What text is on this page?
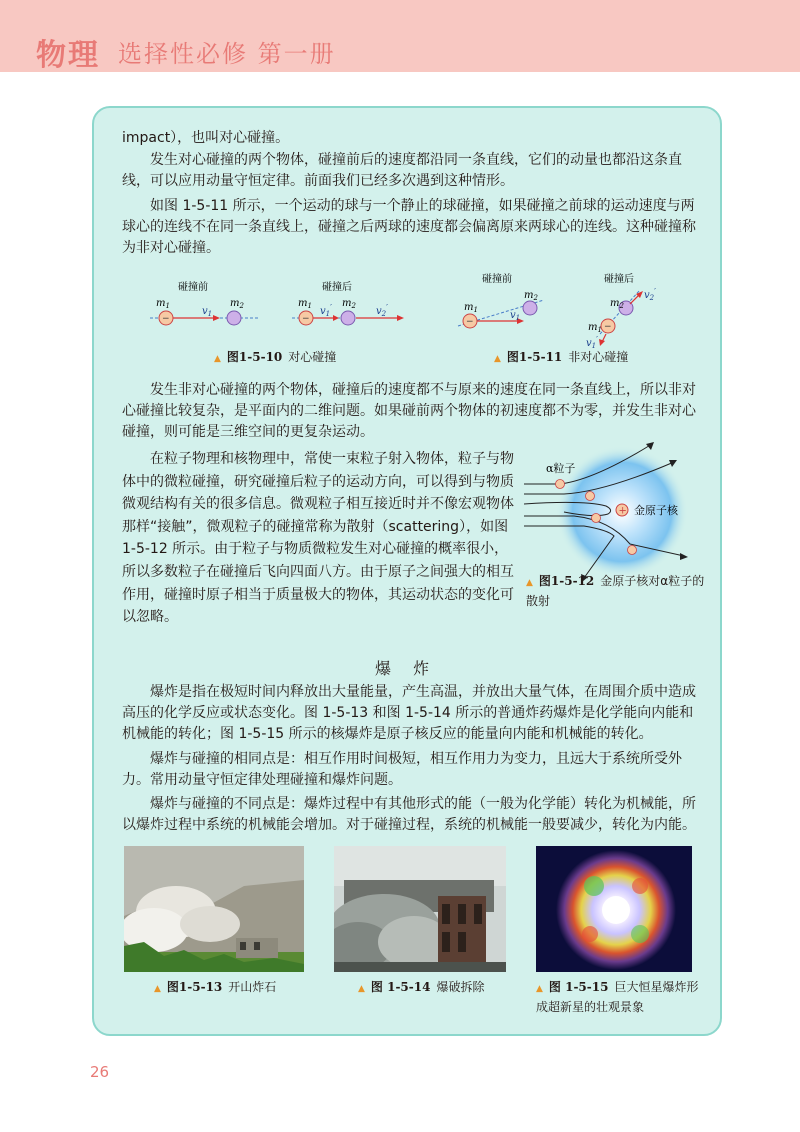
物理 选择性必修 第一册
impact），也叫对心碰撞。
发生对心碰撞的两个物体，碰撞前后的速度都沿同一条直线，它们的动量也都沿这条直线，可以应用动量守恒定律。前面我们已经多次遇到这种情形。
如图 1-5-11 所示，一个运动的球与一个静止的球碰撞，如果碰撞之前球的运动速度与两球心的连线不在同一条直线上，碰撞之后两球的速度都会偏离原来两球心的连线。这种碰撞称为非对心碰撞。
碰撞前	碰撞后
−
$m_1$	$m_2$
$v_1$	−
$m_1$	$m_2$
$v_1'$	$v_2'$
▲ 图1-5-10 对心碰撞
碰撞前	碰撞后
−
$m_1$
$m_2$
$v_1$
−
$m_2$
$m_1$
$v_2'$
$v_1'$
▲ 图1-5-11 非对心碰撞
发生非对心碰撞的两个物体，碰撞后的速度都不与原来的速度在同一条直线上，所以非对心碰撞比较复杂，是平面内的二维问题。如果碰前两个物体的初速度都不为零，并发生非对心碰撞，则可能是三维空间的更复杂运动。
在粒子物理和核物理中，常使一束粒子射入物体，粒子与物体中的微粒碰撞，研究碰撞后粒子的运动方向，可以得到与物质微观结构有关的很多信息。微观粒子相互接近时并不像宏观物体那样“接触”，微观粒子的碰撞常称为散射（scattering），如图 1-5-12 所示。由于粒子与物质微粒发生对心碰撞的概率很小，所以多数粒子在碰撞后飞向四面八方。由于原子之间强大的相互作用，碰撞时原子相当于质量极大的物体，其运动状态的变化可以忽略。
+
α粒子
金原子核
▲ 图1-5-12 金原子核对α粒子的散射
爆炸
爆炸是指在极短时间内释放出大量能量，产生高温，并放出大量气体，在周围介质中造成高压的化学反应或状态变化。图 1-5-13 和图 1-5-14 所示的普通炸药爆炸是化学能向内能和机械能的转化；图 1-5-15 所示的核爆炸是原子核反应的能量向内能和机械能的转化。
爆炸与碰撞的相同点是：相互作用时间极短，相互作用力为变力，且远大于系统所受外力。常用动量守恒定律处理碰撞和爆炸问题。
爆炸与碰撞的不同点是：爆炸过程中有其他形式的能（一般为化学能）转化为机械能，所以爆炸过程中系统的机械能会增加。对于碰撞过程，系统的机械能一般要减少，转化为内能。
▲ 图1-5-13 开山炸石	▲ 图 1-5-14 爆破拆除	▲ 图 1-5-15 巨大恒星爆炸形成超新星的壮观景象
26
